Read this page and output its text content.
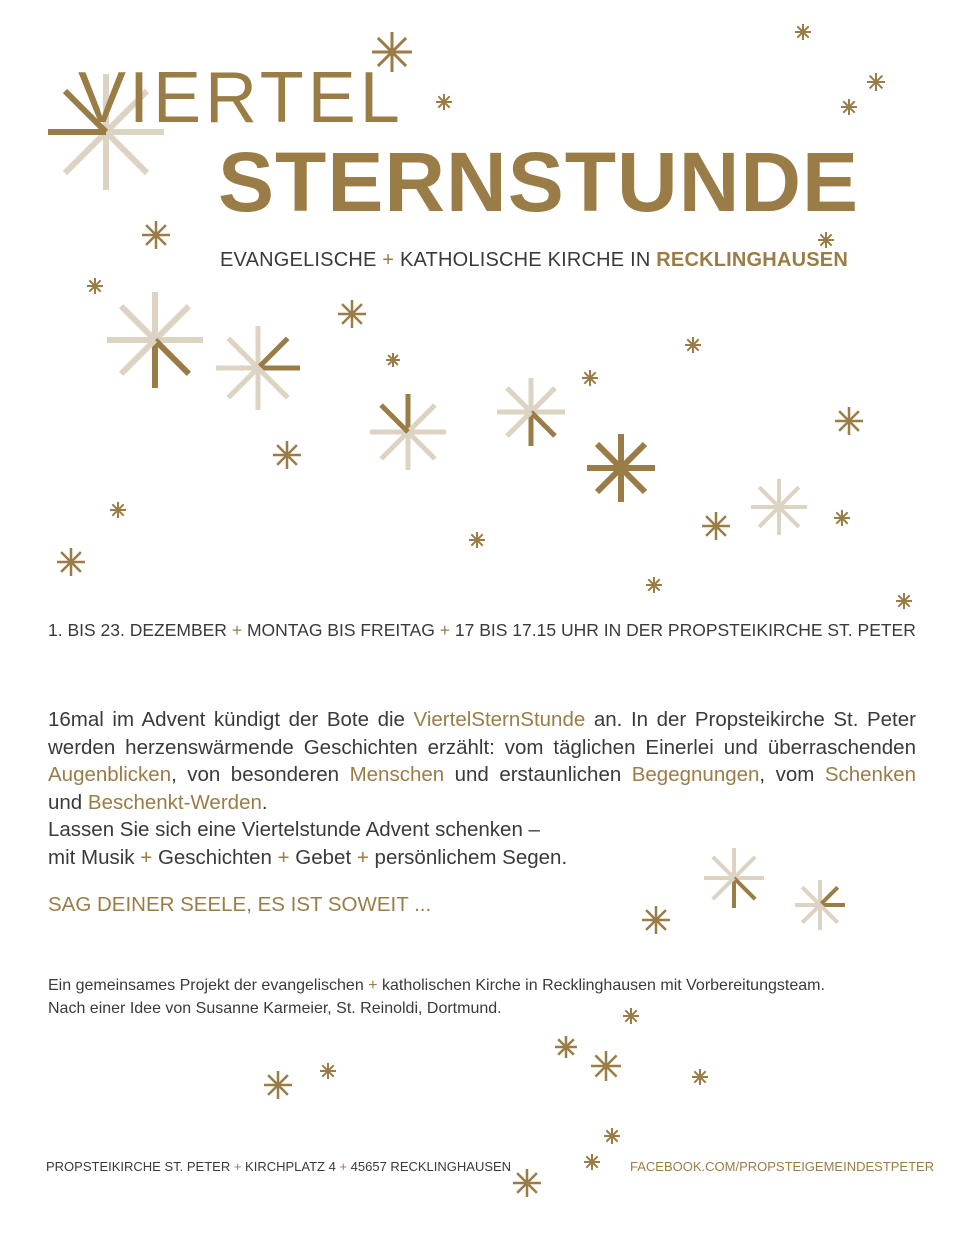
VIERTEL
STERNSTUNDE
EVANGELISCHE + KATHOLISCHE KIRCHE IN RECKLINGHAUSEN
1. BIS 23. DEZEMBER + MONTAG BIS FREITAG + 17 BIS 17.15 UHR IN DER PROPSTEIKIRCHE ST. PETER

16mal im Advent kündigt der Bote die ViertelSternStunde an. In der Propsteikirche St. Peter werden herzenswärmende Geschichten erzählt: vom täglichen Einerlei und überraschenden Augenblicken, von besonderen Menschen und erstaunlichen Begegnungen, vom Schenken und Beschenkt-Werden.

Lassen Sie sich eine Viertelstunde Advent schenken –

mit Musik + Geschichten + Gebet + persönlichem Segen.

SAG DEINER SEELE, ES IST SOWEIT ...

Ein gemeinsames Projekt der evangelischen + katholischen Kirche in Recklinghausen mit Vorbereitungsteam.

Nach einer Idee von Susanne Karmeier, St. Reinoldi, Dortmund.

PROPSTEIKIRCHE ST. PETER + KIRCHPLATZ 4 + 45657 RECKLINGHAUSEN	FACEBOOK.COM/PROPSTEIGEMEINDESTPETER
